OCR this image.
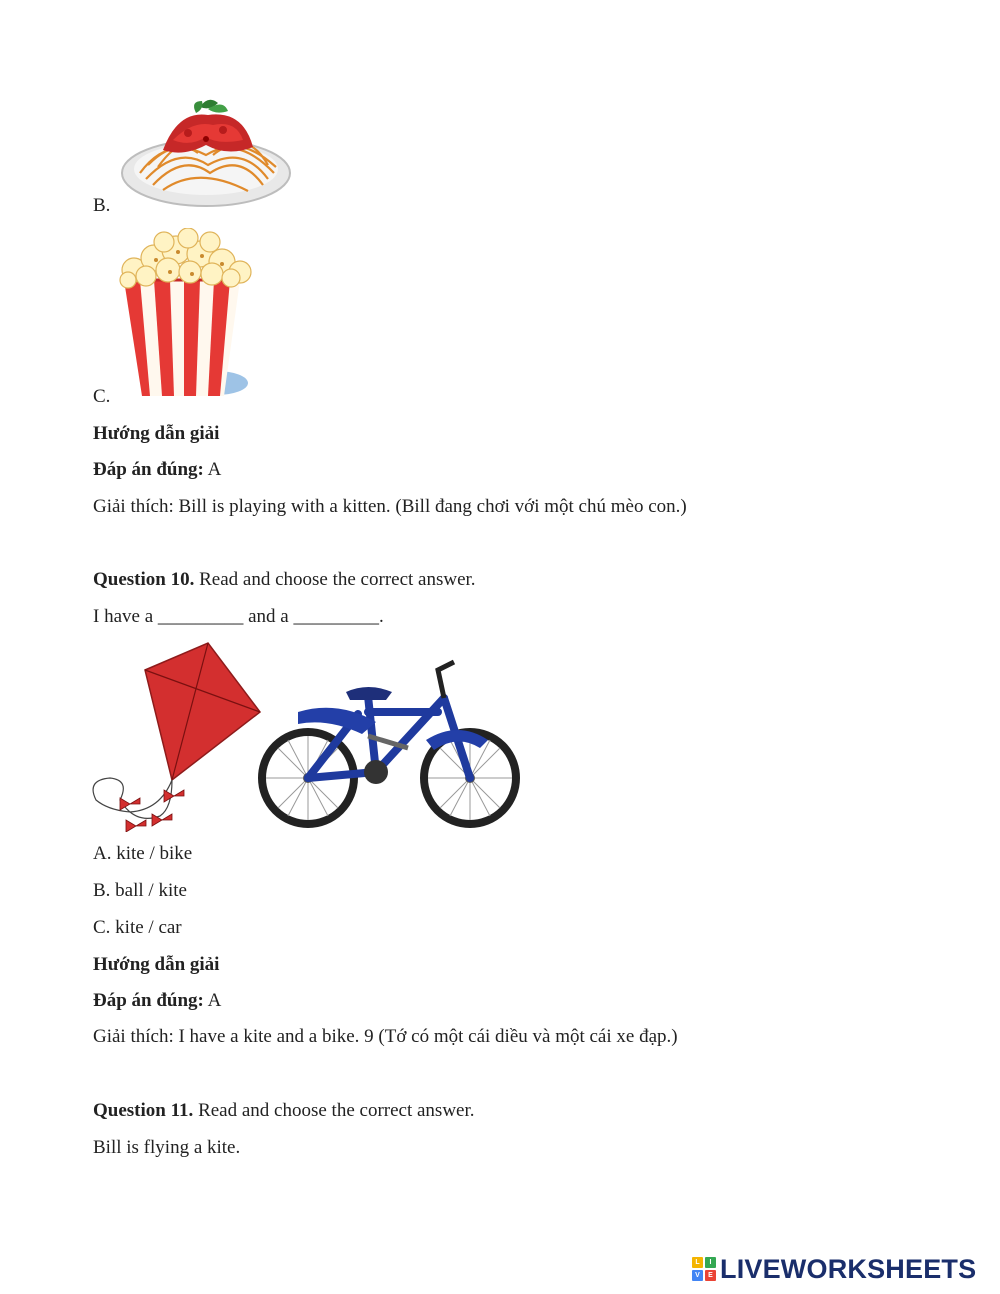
B.
C.
Hướng dẫn giải
Đáp án đúng: A
Giải thích: Bill is playing with a kitten. (Bill đang chơi với một chú mèo con.)
Question 10. Read and choose the correct answer.
I have a _________ and a _________.
A. kite / bike
B. ball / kite
C. kite / car
Hướng dẫn giải
Đáp án đúng: A
Giải thích: I have a kite and a bike. 9 (Tớ có một cái diều và một cái xe đạp.)
Question 11. Read and choose the correct answer.
Bill is flying a kite.
L	I
V	E LIVEWORKSHEETS
